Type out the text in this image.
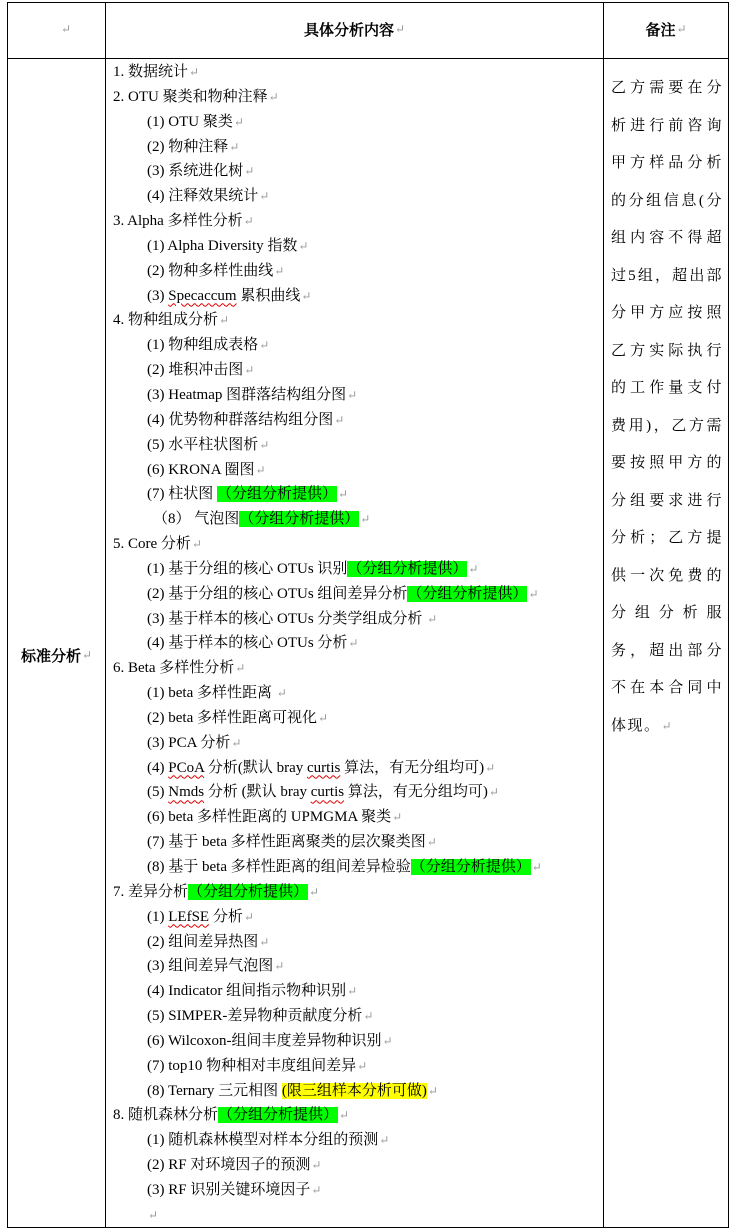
↵	具体分析内容 ↵	备注 ↵
标准分析 ↵
1. 数据统计↵
2. OTU 聚类和物种注释↵
(1) OTU 聚类↵
(2) 物种注释↵
(3) 系统进化树↵
(4) 注释效果统计↵
3. Alpha 多样性分析↵
(1) Alpha Diversity 指数↵
(2) 物种多样性曲线↵
(3) Specaccum 累积曲线↵
4. 物种组成分析↵
(1) 物种组成表格↵
(2) 堆积冲击图↵
(3) Heatmap 图群落结构组分图↵
(4) 优势物种群落结构组分图↵
(5) 水平柱状图析↵
(6) KRONA 圈图↵
(7) 柱状图 （分组分析提供）↵
（8） 气泡图（分组分析提供）↵
5. Core 分析↵
(1) 基于分组的核心 OTUs 识别（分组分析提供）↵
(2) 基于分组的核心 OTUs 组间差异分析（分组分析提供）↵
(3) 基于样本的核心 OTUs 分类学组成分析 ↵
(4) 基于样本的核心 OTUs 分析↵
6. Beta 多样性分析↵
(1) beta 多样性距离 ↵
(2) beta 多样性距离可视化↵
(3) PCA 分析↵
(4) PCoA 分析(默认 bray curtis 算法，有无分组均可)↵
(5) Nmds 分析 (默认 bray curtis 算法，有无分组均可)↵
(6) beta 多样性距离的 UPMGMA 聚类↵
(7) 基于 beta 多样性距离聚类的层次聚类图↵
(8) 基于 beta 多样性距离的组间差异检验（分组分析提供）↵
7. 差异分析（分组分析提供）↵
(1) LEfSE 分析↵
(2) 组间差异热图↵
(3) 组间差异气泡图↵
(4) Indicator 组间指示物种识别↵
(5) SIMPER-差异物种贡献度分析↵
(6) Wilcoxon-组间丰度差异物种识别↵
(7) top10 物种相对丰度组间差异↵
(8) Ternary 三元相图 (限三组样本分析可做)↵
8. 随机森林分析（分组分析提供）↵
(1) 随机森林模型对样本分组的预测↵
(2) RF 对环境因子的预测↵
(3) RF 识别关键环境因子↵
↵
乙方需要在分析进行前咨询甲方样品分析的分组信息(分组内容不得超过5组，超出部分甲方应按照乙方实际执行的工作量支付费用)，乙方需要按照甲方的分组要求进行分析；乙方提供一次免费的分组分析服务，超出部分不在本合同中体现。↵
